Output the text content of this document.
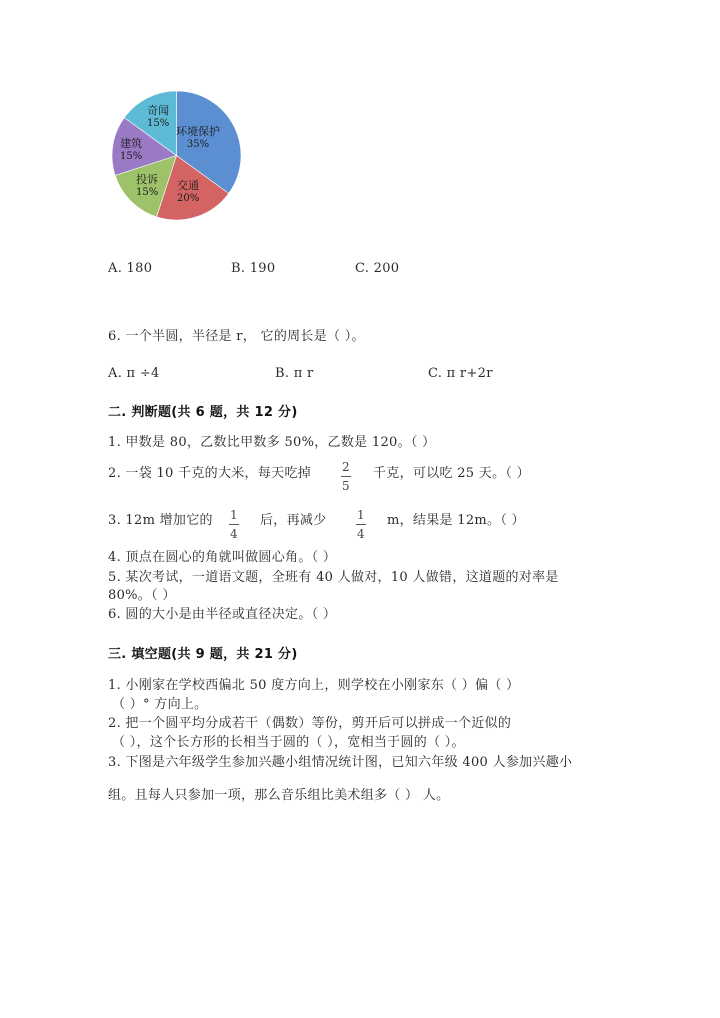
环境保护
35%
交通
20%
投诉
15%
建筑
15%
奇闻
15%
A. 180	B. 190	C. 200
6. 一个半圆，半径是 r， 它的周长是（ ）。
A. π ÷4	B. π r	C. π r+2r
二. 判断题(共 6 题，共 12 分)
1. 甲数是 80，乙数比甲数多 50%，乙数是 120。（ ）
2. 一袋 10 千克的大米，每天吃掉	2
5
千克，可以吃 25 天。（ ）
3. 12m 增加它的 1
4
后，再减少	1
4
m，结果是 12m。（ ）
4. 顶点在圆心的角就叫做圆心角。（ ）
5. 某次考试，一道语文题，全班有 40 人做对，10 人做错，这道题的对率是
80%。（ ）
6. 圆的大小是由半径或直径决定。（ ）
三. 填空题(共 9 题，共 21 分)
1. 小刚家在学校西偏北 50 度方向上，则学校在小刚家东（ ）偏（ ）
（ ）° 方向上。
2. 把一个圆平均分成若干（偶数）等份，剪开后可以拼成一个近似的
（ ），这个长方形的长相当于圆的（ ），宽相当于圆的（ ）。
3. 下图是六年级学生参加兴趣小组情况统计图，已知六年级 400 人参加兴趣小
组。且每人只参加一项，那么音乐组比美术组多（ ） 人。
